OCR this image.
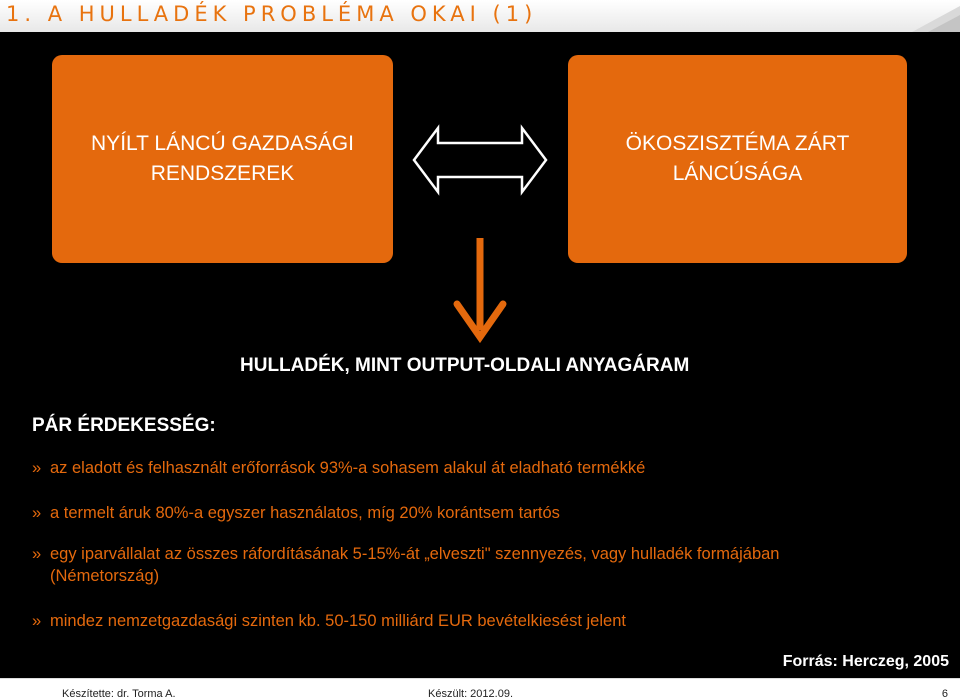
1. A HULLADÉK PROBLÉMA OKAI (1)
NYÍLT LÁNCÚ GAZDASÁGI
RENDSZEREK
ÖKOSZISZTÉMA ZÁRT
LÁNCÚSÁGA
HULLADÉK, MINT OUTPUT-OLDALI ANYAGÁRAM
PÁR ÉRDEKESSÉG:
» az eladott és felhasznált erőforrások 93%-a sohasem alakul át eladható termékké
» a termelt áruk 80%-a egyszer használatos, míg 20% korántsem tartós
» egy iparvállalat az összes ráfordításának 5-15%-át „elveszti" szennyezés, vagy hulladék formájában
(Németország)
» mindez nemzetgazdasági szinten kb. 50-150 milliárd EUR bevételkiesést jelent
Forrás: Herczeg, 2005
Készítette: dr. Torma A.	Készült: 2012.09.	6
